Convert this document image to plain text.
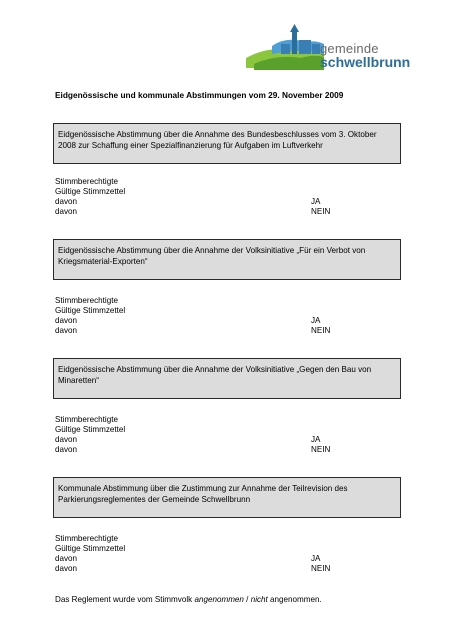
gemeinde
schwellbrunn
Eidgenössische und kommunale Abstimmungen vom 29. November 2009
Eidgenössische Abstimmung über die Annahme des Bundesbeschlusses vom 3. Oktober 2008 zur Schaffung einer Spezialfinanzierung für Aufgaben im Luftverkehr
Stimmberechtigte
Gültige Stimmzettel
davon	JA
davon	NEIN
Eidgenössische Abstimmung über die Annahme der Volksinitiative „Für ein Verbot von Kriegsmaterial-Exporten“
Stimmberechtigte
Gültige Stimmzettel
davon	JA
davon	NEIN
Eidgenössische Abstimmung über die Annahme der Volksinitiative „Gegen den Bau von Minaretten“
Stimmberechtigte
Gültige Stimmzettel
davon	JA
davon	NEIN
Kommunale Abstimmung über die Zustimmung zur Annahme der Teilrevision des Parkierungsreglementes der Gemeinde Schwellbrunn
Stimmberechtigte
Gültige Stimmzettel
davon	JA
davon	NEIN
Das Reglement wurde vom Stimmvolk angenommen / nicht angenommen.
